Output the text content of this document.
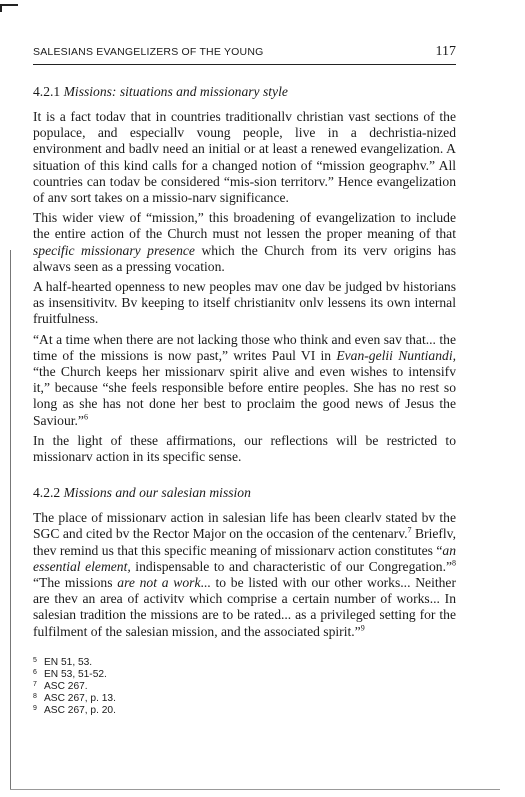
SALESIANS EVANGELIZERS OF THE YOUNG	117
4.2.1 Missions: situations and missionary style

It is a fact todav that in countries traditionallv christian vast sections of the populace, and especiallv voung people, live in a dechristia-nized environment and badlv need an initial or at least a renewed evangelization. A situation of this kind calls for a changed notion of “mission geographv.” All countries can todav be considered “mis-sion territorv.” Hence evangelization of anv sort takes on a missio-narv significance.

This wider view of “mission,” this broadening of evangelization to include the entire action of the Church must not lessen the proper meaning of that specific missionary presence which the Church from its verv origins has alwavs seen as a pressing vocation.

A half-hearted openness to new peoples mav one dav be judged bv historians as insensitivitv. Bv keeping to itself christianitv onlv lessens its own internal fruitfulness.

“At a time when there are not lacking those who think and even sav that... the time of the missions is now past,” writes Paul VI in Evan-gelii Nuntiandi, “the Church keeps her missionarv spirit alive and even wishes to intensifv it,” because “she feels responsible before entire peoples. She has no rest so long as she has not done her best to proclaim the good news of Jesus the Saviour.”$^6$

In the light of these affirmations, our reflections will be restricted to missionarv action in its specific sense.

4.2.2 Missions and our salesian mission

The place of missionarv action in salesian life has been clearlv stated bv the SGC and cited bv the Rector Major on the occasion of the centenarv.$^7$ Brieflv, thev remind us that this specific meaning of missionarv action constitutes “an essential element, indispensable to and characteristic of our Congregation.”$^8$ “The missions are not a work... to be listed with our other works... Neither are thev an area of activitv which comprise a certain number of works... In salesian tradition the missions are to be rated... as a privileged setting for the fulfilment of the salesian mission, and the associated spirit.”$^9$

5 EN 51, 53.
6 EN 53, 51-52.
7 ASC 267.
8 ASC 267, p. 13.
9 ASC 267, p. 20.
